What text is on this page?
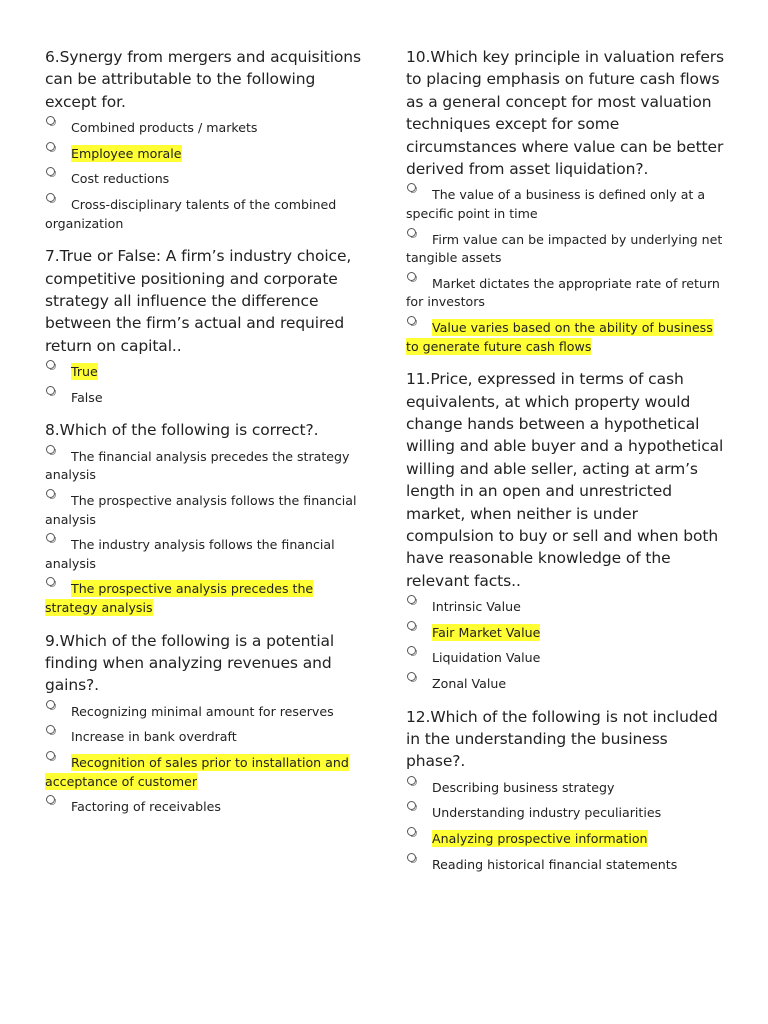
6.Synergy from mergers and acquisitions can be attributable to the following except for.
Combined products / markets
Employee morale
Cost reductions
Cross-disciplinary talents of the combined organization
7.True or False: A firm’s industry choice, competitive positioning and corporate strategy all influence the difference between the firm’s actual and required return on capital..
True
False
8.Which of the following is correct?.
The financial analysis precedes the strategy analysis
The prospective analysis follows the financial analysis
The industry analysis follows the financial analysis
The prospective analysis precedes the strategy analysis
9.Which of the following is a potential finding when analyzing revenues and gains?.
Recognizing minimal amount for reserves
Increase in bank overdraft
Recognition of sales prior to installation and acceptance of customer
Factoring of receivables
10.Which key principle in valuation refers to placing emphasis on future cash flows as a general concept for most valuation techniques except for some circumstances where value can be better derived from asset liquidation?.
The value of a business is defined only at a specific point in time
Firm value can be impacted by underlying net tangible assets
Market dictates the appropriate rate of return for investors
Value varies based on the ability of business to generate future cash flows
11.Price, expressed in terms of cash equivalents, at which property would change hands between a hypothetical willing and able buyer and a hypothetical willing and able seller, acting at arm’s length in an open and unrestricted market, when neither is under compulsion to buy or sell and when both have reasonable knowledge of the relevant facts..
Intrinsic Value
Fair Market Value
Liquidation Value
Zonal Value
12.Which of the following is not included in the understanding the business phase?.
Describing business strategy
Understanding industry peculiarities
Analyzing prospective information
Reading historical financial statements
